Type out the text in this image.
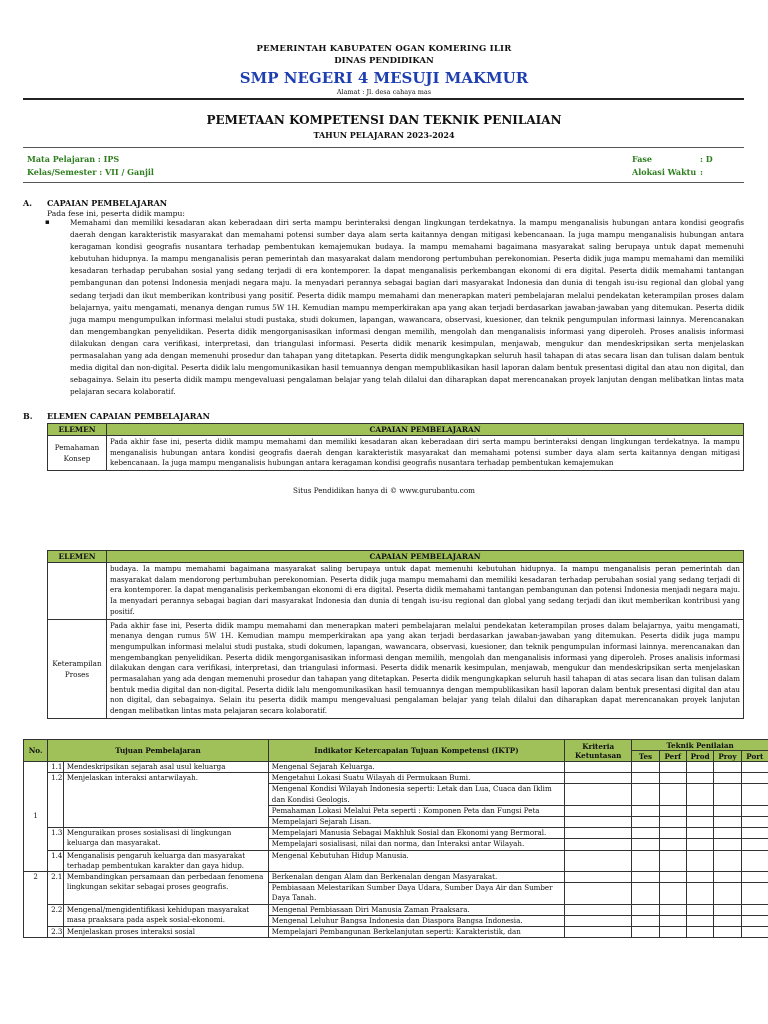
PEMERINTAH KABUPATEN OGAN KOMERING ILIR
DINAS PENDIDIKAN
SMP NEGERI 4 MESUJI MAKMUR
Alamat : Jl. desa cahaya mas
PEMETAAN KOMPETENSI DAN TEKNIK PENILAIAN
TAHUN PELAJARAN 2023-2024
Mata Pelajaran : IPS
Kelas/Semester : VII / Ganjil
Fase	: D
Alokasi Waktu :
A. CAPAIAN PEMBELAJARAN
Pada fese ini, peserta didik mampu:
▪	Memahami dan memiliki kesadaran akan keberadaan diri serta mampu berinteraksi dengan lingkungan terdekatnya. Ia mampu menganalisis hubungan antara kondisi geografis daerah dengan karakteristik masyarakat dan memahami potensi sumber daya alam serta kaitannya dengan mitigasi kebencanaan. Ia juga mampu menganalisis hubungan antara keragaman kondisi geografis nusantara terhadap pembentukan kemajemukan budaya. Ia mampu memahami bagaimana masyarakat saling berupaya untuk dapat memenuhi kebutuhan hidupnya. Ia mampu menganalisis peran pemerintah dan masyarakat dalam mendorong pertumbuhan perekonomian. Peserta didik juga mampu memahami dan memiliki kesadaran terhadap perubahan sosial yang sedang terjadi di era kontemporer. Ia dapat menganalisis perkembangan ekonomi di era digital. Peserta didik memahami tantangan pembangunan dan potensi Indonesia menjadi negara maju. Ia menyadari perannya sebagai bagian dari masyarakat Indonesia dan dunia di tengah isu-isu regional dan global yang sedang terjadi dan ikut memberikan kontribusi yang positif. Peserta didik mampu memahami dan menerapkan materi pembelajaran melalui pendekatan keterampilan proses dalam belajarnya, yaitu mengamati, menanya dengan rumus 5W 1H. Kemudian mampu memperkirakan apa yang akan terjadi berdasarkan jawaban-jawaban yang ditemukan. Peserta didik juga mampu mengumpulkan informasi melalui studi pustaka, studi dokumen, lapangan, wawancara, observasi, kuesioner, dan teknik pengumpulan informasi lainnya. Merencanakan dan mengembangkan penyelidikan. Peserta didik mengorganisasikan informasi dengan memilih, mengolah dan menganalisis informasi yang diperoleh. Proses analisis informasi dilakukan dengan cara verifikasi, interpretasi, dan triangulasi informasi. Peserta didik menarik kesimpulan, menjawab, mengukur dan mendeskripsikan serta menjelaskan permasalahan yang ada dengan memenuhi prosedur dan tahapan yang ditetapkan. Peserta didik mengungkapkan seluruh hasil tahapan di atas secara lisan dan tulisan dalam bentuk media digital dan non-digital. Peserta didik lalu mengomunikasikan hasil temuannya dengan mempublikasikan hasil laporan dalam bentuk presentasi digital dan atau non digital, dan sebagainya. Selain itu peserta didik mampu mengevaluasi pengalaman belajar yang telah dilalui dan diharapkan dapat merencanakan proyek lanjutan dengan melibatkan lintas mata pelajaran secara kolaboratif.
B. ELEMEN CAPAIAN PEMBELAJARAN
ELEMEN	CAPAIAN PEMBELAJARAN
Pemahaman Konsep	Pada akhir fase ini, peserta didik mampu memahami dan memiliki kesadaran akan keberadaan diri serta mampu berinteraksi dengan lingkungan terdekatnya. Ia mampu menganalisis hubungan antara kondisi geografis daerah dengan karakteristik masyarakat dan memahami potensi sumber daya alam serta kaitannya dengan mitigasi kebencanaan. Ia juga mampu menganalisis hubungan antara keragaman kondisi geografis nusantara terhadap pembentukan kemajemukan
Situs Pendidikan hanya di © www.gurubantu.com
ELEMEN	CAPAIAN PEMBELAJARAN
	budaya. Ia mampu memahami bagaimana masyarakat saling berupaya untuk dapat memenuhi kebutuhan hidupnya. Ia mampu menganalisis peran pemerintah dan masyarakat dalam mendorong pertumbuhan perekonomian. Peserta didik juga mampu memahami dan memiliki kesadaran terhadap perubahan sosial yang sedang terjadi di era kontemporer. Ia dapat menganalisis perkembangan ekonomi di era digital. Peserta didik memahami tantangan pembangunan dan potensi Indonesia menjadi negara maju. Ia menyadari perannya sebagai bagian dari masyarakat Indonesia dan dunia di tengah isu-isu regional dan global yang sedang terjadi dan ikut memberikan kontribusi yang positif.
Keterampilan Proses	Pada akhir fase ini, Peserta didik mampu memahami dan menerapkan materi pembelajaran melalui pendekatan keterampilan proses dalam belajarnya, yaitu mengamati, menanya dengan rumus 5W 1H. Kemudian mampu memperkirakan apa yang akan terjadi berdasarkan jawaban-jawaban yang ditemukan. Peserta didik juga mampu mengumpulkan informasi melalui studi pustaka, studi dokumen, lapangan, wawancara, observasi, kuesioner, dan teknik pengumpulan informasi lainnya. merencanakan dan mengembangkan penyelidikan. Peserta didik mengorganisasikan informasi dengan memilih, mengolah dan menganalisis informasi yang diperoleh. Proses analisis informasi dilakukan dengan cara verifikasi, interpretasi, dan triangulasi informasi. Peserta didik menarik kesimpulan, menjawab, mengukur dan mendeskripsikan serta menjelaskan permasalahan yang ada dengan memenuhi prosedur dan tahapan yang ditetapkan. Peserta didik mengungkapkan seluruh hasil tahapan di atas secara lisan dan tulisan dalam bentuk media digital dan non-digital. Peserta didik lalu mengomunikasikan hasil temuannya dengan mempublikasikan hasil laporan dalam bentuk presentasi digital dan atau non digital, dan sebagainya. Selain itu peserta didik mampu mengevaluasi pengalaman belajar yang telah dilalui dan diharapkan dapat merencanakan proyek lanjutan dengan melibatkan lintas mata pelajaran secara kolaboratif.
No.	Tujuan Pembelajaran		Indikator Ketercapaian Tujuan Kompetensi (IKTP)	Kriteria Ketuntasan	Teknik Penilaian				
					Tes	Perf	Prod	Proy	Port
1	1.1	Mendeskripsikan sejarah asal usul keluarga	Mengenal Sejarah Keluarga.						
	1.2	Menjelaskan interaksi antarwilayah.	Mengetahui Lokasi Suatu Wilayah di Permukaan Bumi.						
			Mengenal Kondisi Wilayah Indonesia seperti: Letak dan Lua, Cuaca dan Iklim dan Kondisi Geologis.						
			Pemahaman Lokasi Melalui Peta seperti : Komponen Peta dan Fungsi Peta						
			Mempelajari Sejarah Lisan.						
	1.3	Menguraikan proses sosialisasi di lingkungan keluarga dan masyarakat.	Mempelajari Manusia Sebagai Makhluk Sosial dan Ekonomi yang Bermoral.						
			Mempelajari sosialisasi, nilai dan norma, dan Interaksi antar Wilayah.						
	1.4	Menganalisis pengaruh keluarga dan masyarakat terhadap pembentukan karakter dan gaya hidup.	Mengenal Kebutuhan Hidup Manusia.						
2	2.1	Membandingkan persamaan dan perbedaan fenomena lingkungan sekitar sebagai proses geografis.	Berkenalan dengan Alam dan Berkenalan dengan Masyarakat.						
			Pembiasaan Melestarikan Sumber Daya Udara, Sumber Daya Air dan Sumber Daya Tanah.						
	2.2	Mengenal/mengidentifikasi kehidupan masyarakat masa praaksara pada aspek sosial-ekonomi.	Mengenal Pembiasaan Diri Manusia Zaman Praaksara.						
			Mengenal Leluhur Bangsa Indonesia dan Diaspora Bangsa Indonesia.						
	2.3	Menjelaskan proses interaksi sosial	Mempelajari Pembangunan Berkelanjutan seperti: Karakteristik, dan						
